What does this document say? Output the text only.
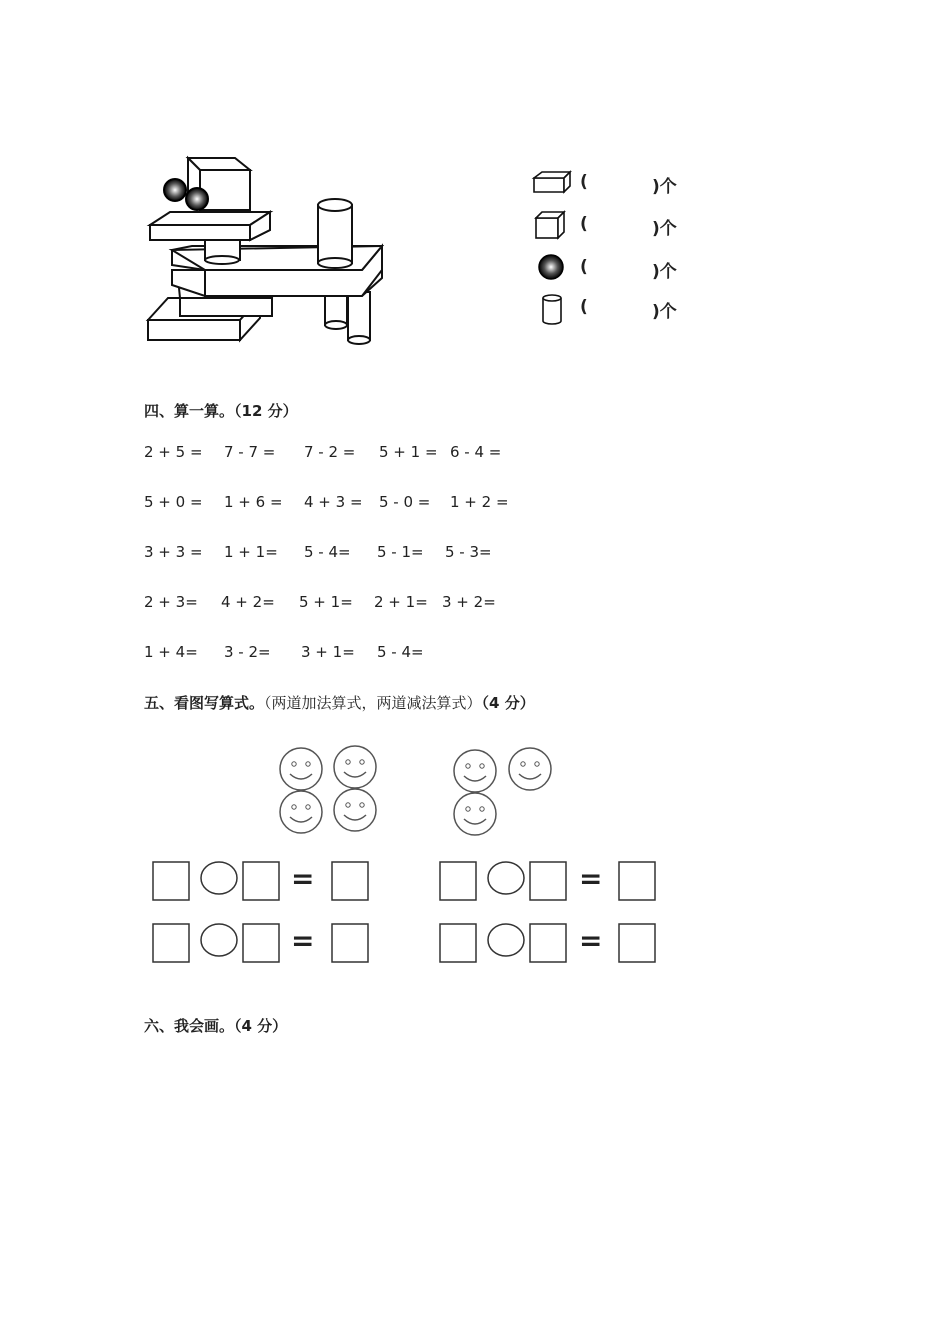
(	)个
(	)个
(	)个
(	)个
四、算一算。（12 分）
2 + 5 = 7 - 7 = 7 - 2 = 5 + 1 = 6 - 4 =
5 + 0 = 1 + 6 = 4 + 3 = 5 - 0 = 1 + 2 =
3 + 3 = 1 + 1= 5 - 4= 5 - 1= 5 - 3=
2 + 3= 4 + 2= 5 + 1= 2 + 1= 3 + 2=
1 + 4= 3 - 2= 3 + 1= 5 - 4=
五、看图写算式。（两道加法算式，两道减法算式）（4 分）
=
=
=
=
六、我会画。（4 分）
